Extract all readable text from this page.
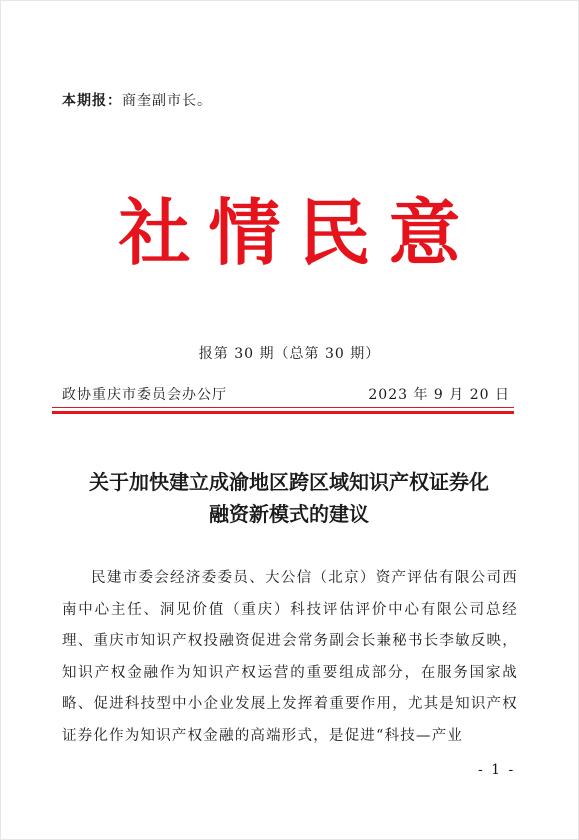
本期报：商奎副市长。
社情民意
报第 30 期（总第 30 期）
政协重庆市委员会办公厅	2023 年 9 月 20 日
关于加快建立成渝地区跨区域知识产权证券化
融资新模式的建议

民建市委会经济委委员、大公信（北京）资产评估有限公司西南中心主任、洞见价值（重庆）科技评估评价中心有限公司总经理、重庆市知识产权投融资促进会常务副会长兼秘书长李敏反映，知识产权金融作为知识产权运营的重要组成部分，在服务国家战略、促进科技型中小企业发展上发挥着重要作用，尤其是知识产权证券化作为知识产权金融的高端形式，是促进“科技—产业

- 1 -
